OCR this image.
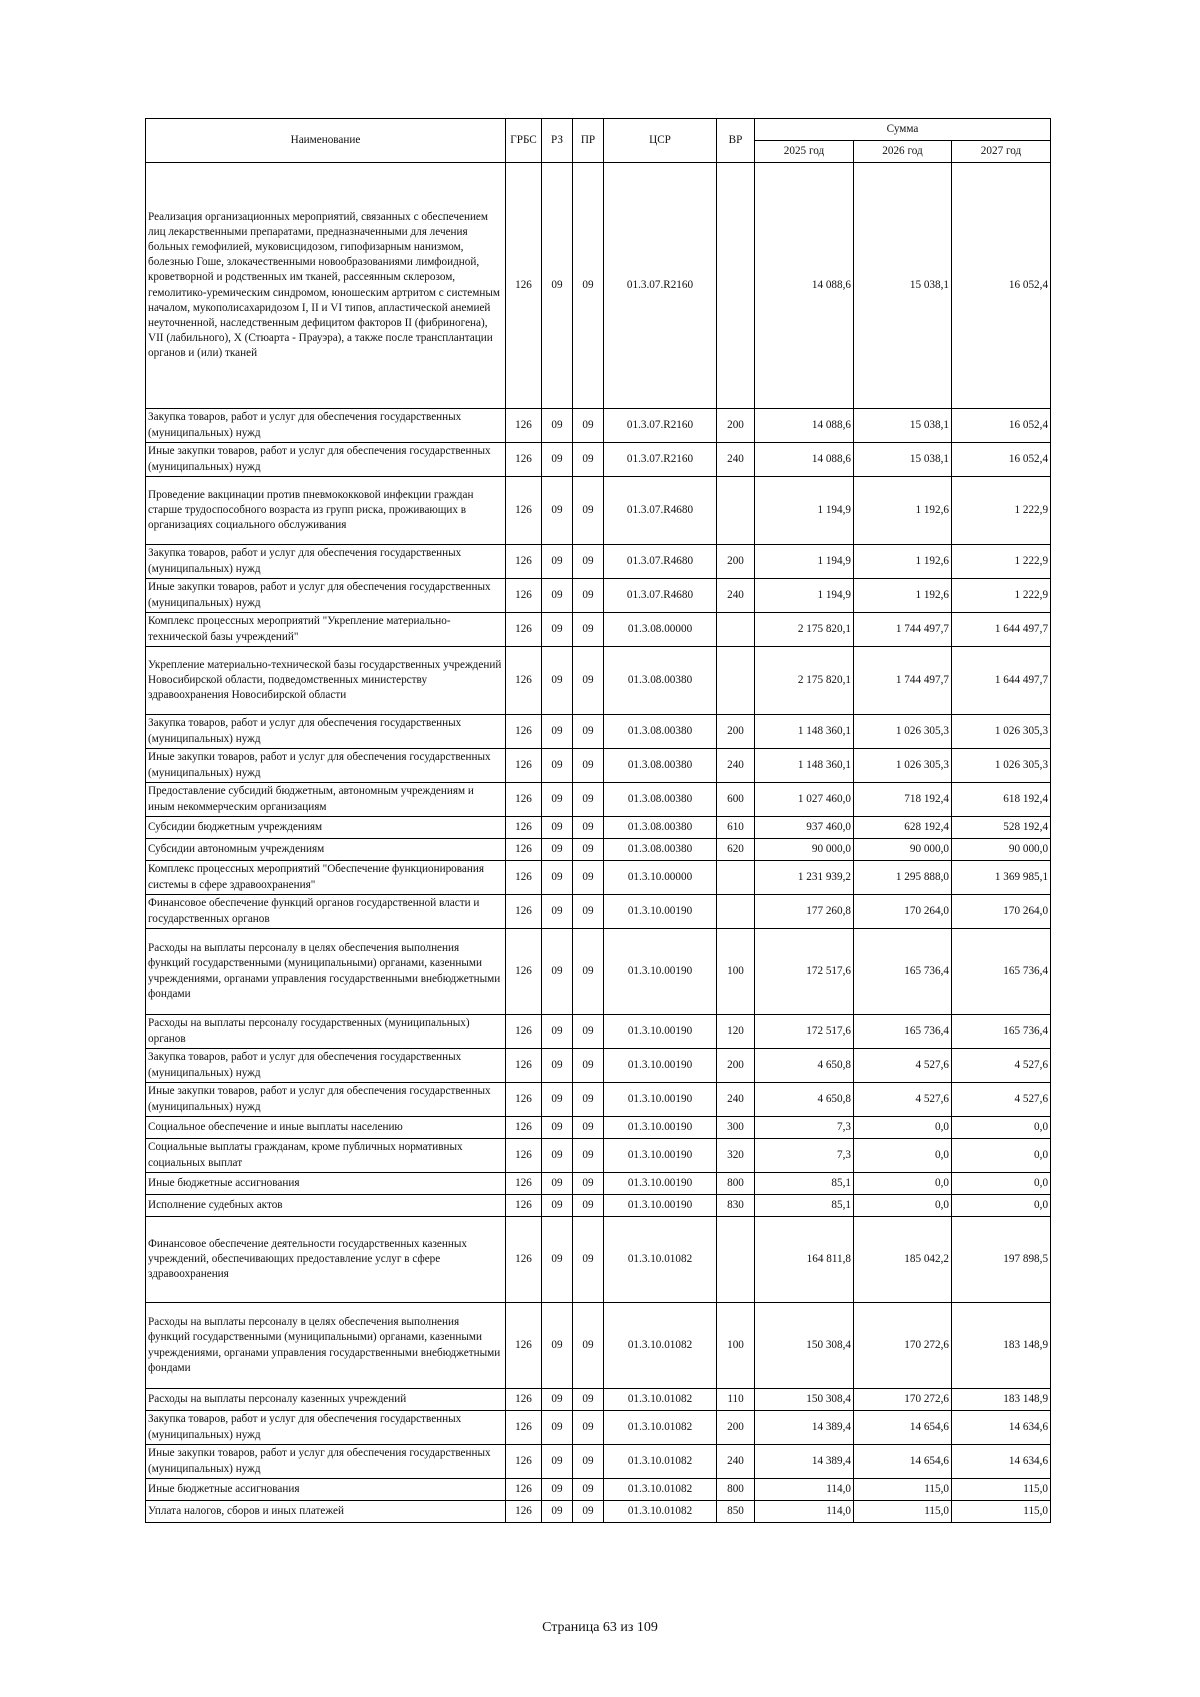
Наименование	ГРБС	РЗ	ПР	ЦСР	ВР	Сумма		
						2025 год	2026 год	2027 год
Реализация организационных мероприятий, связанных с обеспечением лиц лекарственными препаратами, предназначенными для лечения больных гемофилией, муковисцидозом, гипофизарным нанизмом, болезнью Гоше, злокачественными новообразованиями лимфоидной, кроветворной и родственных им тканей, рассеянным склерозом, гемолитико-уремическим синдромом, юношеским артритом с системным началом, мукополисахаридозом I, II и VI типов, апластической анемией неуточненной, наследственным дефицитом факторов II (фибриногена), VII (лабильного), X (Стюарта - Прауэра), а также после трансплантации органов и (или) тканей	126	09	09	01.3.07.R2160		14 088,6	15 038,1	16 052,4
Закупка товаров, работ и услуг для обеспечения государственных (муниципальных) нужд	126	09	09	01.3.07.R2160	200	14 088,6	15 038,1	16 052,4
Иные закупки товаров, работ и услуг для обеспечения государственных (муниципальных) нужд	126	09	09	01.3.07.R2160	240	14 088,6	15 038,1	16 052,4
Проведение вакцинации против пневмококковой инфекции граждан старше трудоспособного возраста из групп риска, проживающих в организациях социального обслуживания	126	09	09	01.3.07.R4680		1 194,9	1 192,6	1 222,9
Закупка товаров, работ и услуг для обеспечения государственных (муниципальных) нужд	126	09	09	01.3.07.R4680	200	1 194,9	1 192,6	1 222,9
Иные закупки товаров, работ и услуг для обеспечения государственных (муниципальных) нужд	126	09	09	01.3.07.R4680	240	1 194,9	1 192,6	1 222,9
Комплекс процессных мероприятий "Укрепление материально-технической базы учреждений"	126	09	09	01.3.08.00000		2 175 820,1	1 744 497,7	1 644 497,7
Укрепление материально-технической базы государственных учреждений Новосибирской области, подведомственных министерству здравоохранения Новосибирской области	126	09	09	01.3.08.00380		2 175 820,1	1 744 497,7	1 644 497,7
Закупка товаров, работ и услуг для обеспечения государственных (муниципальных) нужд	126	09	09	01.3.08.00380	200	1 148 360,1	1 026 305,3	1 026 305,3
Иные закупки товаров, работ и услуг для обеспечения государственных (муниципальных) нужд	126	09	09	01.3.08.00380	240	1 148 360,1	1 026 305,3	1 026 305,3
Предоставление субсидий бюджетным, автономным учреждениям и иным некоммерческим организациям	126	09	09	01.3.08.00380	600	1 027 460,0	718 192,4	618 192,4
Субсидии бюджетным учреждениям	126	09	09	01.3.08.00380	610	937 460,0	628 192,4	528 192,4
Субсидии автономным учреждениям	126	09	09	01.3.08.00380	620	90 000,0	90 000,0	90 000,0
Комплекс процессных мероприятий "Обеспечение функционирования системы в сфере здравоохранения"	126	09	09	01.3.10.00000		1 231 939,2	1 295 888,0	1 369 985,1
Финансовое обеспечение функций органов государственной власти и государственных органов	126	09	09	01.3.10.00190		177 260,8	170 264,0	170 264,0
Расходы на выплаты персоналу в целях обеспечения выполнения функций государственными (муниципальными) органами, казенными учреждениями, органами управления государственными внебюджетными фондами	126	09	09	01.3.10.00190	100	172 517,6	165 736,4	165 736,4
Расходы на выплаты персоналу государственных (муниципальных) органов	126	09	09	01.3.10.00190	120	172 517,6	165 736,4	165 736,4
Закупка товаров, работ и услуг для обеспечения государственных (муниципальных) нужд	126	09	09	01.3.10.00190	200	4 650,8	4 527,6	4 527,6
Иные закупки товаров, работ и услуг для обеспечения государственных (муниципальных) нужд	126	09	09	01.3.10.00190	240	4 650,8	4 527,6	4 527,6
Социальное обеспечение и иные выплаты населению	126	09	09	01.3.10.00190	300	7,3	0,0	0,0
Социальные выплаты гражданам, кроме публичных нормативных социальных выплат	126	09	09	01.3.10.00190	320	7,3	0,0	0,0
Иные бюджетные ассигнования	126	09	09	01.3.10.00190	800	85,1	0,0	0,0
Исполнение судебных актов	126	09	09	01.3.10.00190	830	85,1	0,0	0,0
Финансовое обеспечение деятельности государственных казенных учреждений, обеспечивающих предоставление услуг в сфере здравоохранения	126	09	09	01.3.10.01082		164 811,8	185 042,2	197 898,5
Расходы на выплаты персоналу в целях обеспечения выполнения функций государственными (муниципальными) органами, казенными учреждениями, органами управления государственными внебюджетными фондами	126	09	09	01.3.10.01082	100	150 308,4	170 272,6	183 148,9
Расходы на выплаты персоналу казенных учреждений	126	09	09	01.3.10.01082	110	150 308,4	170 272,6	183 148,9
Закупка товаров, работ и услуг для обеспечения государственных (муниципальных) нужд	126	09	09	01.3.10.01082	200	14 389,4	14 654,6	14 634,6
Иные закупки товаров, работ и услуг для обеспечения государственных (муниципальных) нужд	126	09	09	01.3.10.01082	240	14 389,4	14 654,6	14 634,6
Иные бюджетные ассигнования	126	09	09	01.3.10.01082	800	114,0	115,0	115,0
Уплата налогов, сборов и иных платежей	126	09	09	01.3.10.01082	850	114,0	115,0	115,0
Страница 63 из 109
